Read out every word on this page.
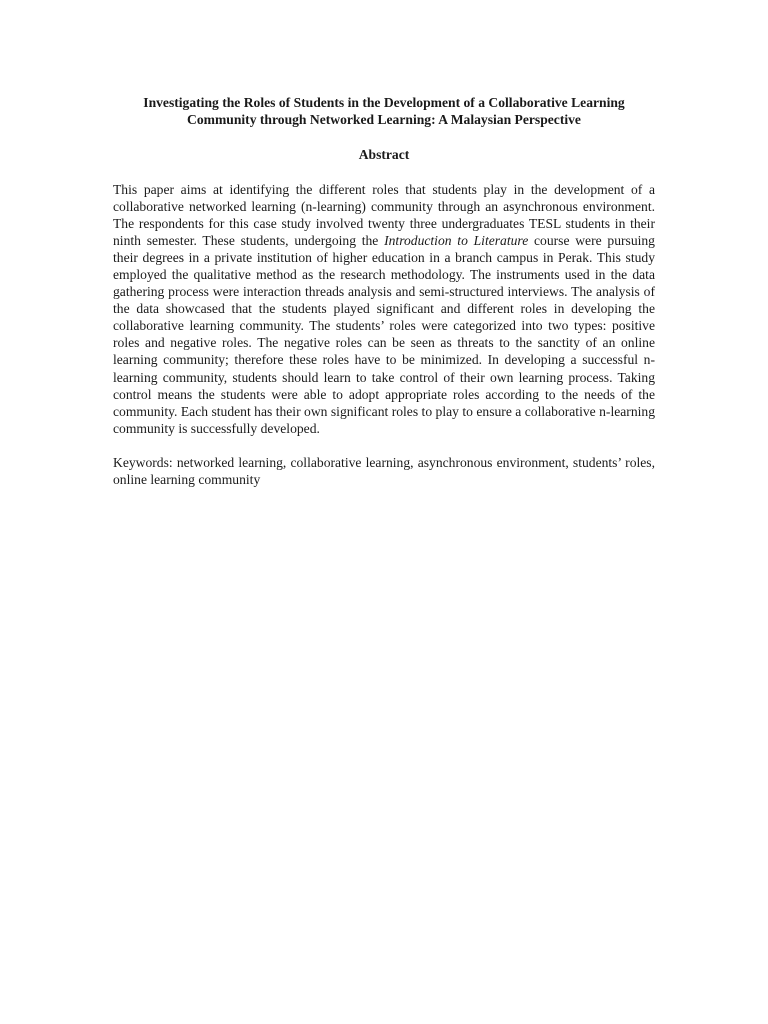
Investigating the Roles of Students in the Development of a Collaborative Learning Community through Networked Learning: A Malaysian Perspective

Abstract

This paper aims at identifying the different roles that students play in the development of a collaborative networked learning (n-learning) community through an asynchronous environment. The respondents for this case study involved twenty three undergraduates TESL students in their ninth semester. These students, undergoing the Introduction to Literature course were pursuing their degrees in a private institution of higher education in a branch campus in Perak. This study employed the qualitative method as the research methodology. The instruments used in the data gathering process were interaction threads analysis and semi-structured interviews. The analysis of the data showcased that the students played significant and different roles in developing the collaborative learning community. The students’ roles were categorized into two types: positive roles and negative roles. The negative roles can be seen as threats to the sanctity of an online learning community; therefore these roles have to be minimized. In developing a successful n-learning community, students should learn to take control of their own learning process. Taking control means the students were able to adopt appropriate roles according to the needs of the community. Each student has their own significant roles to play to ensure a collaborative n-learning community is successfully developed.

Keywords: networked learning, collaborative learning, asynchronous environment, students’ roles, online learning community
